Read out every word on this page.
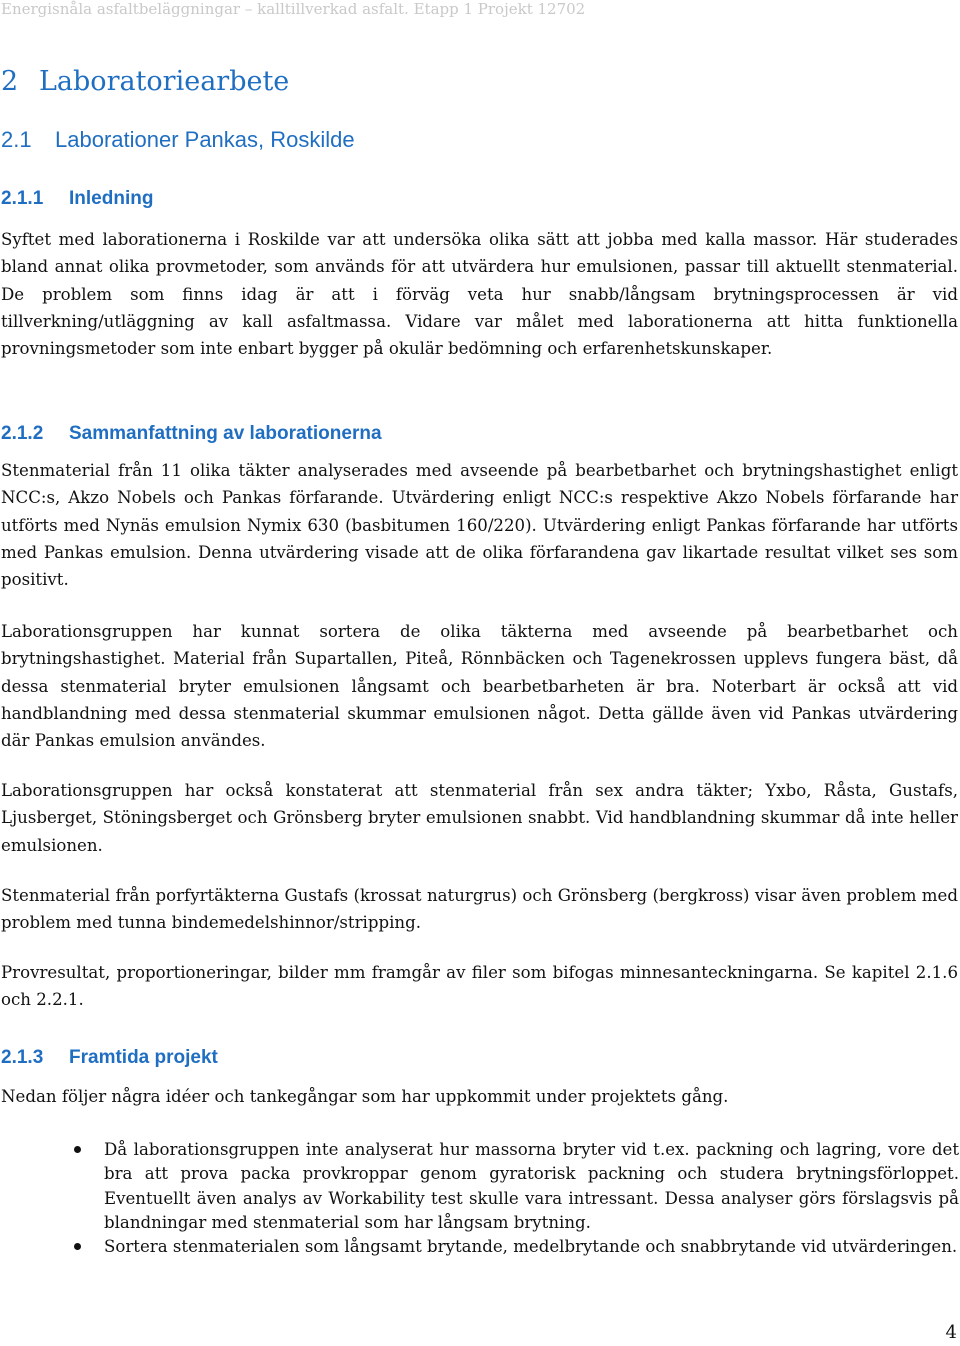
Energisnåla asfaltbeläggningar – kalltillverkad asfalt. Etapp 1 Projekt 12702
2 Laboratoriearbete
2.1 Laborationer Pankas, Roskilde
2.1.1 Inledning

Syftet med laborationerna i Roskilde var att undersöka olika sätt att jobba med kalla massor. Här studerades bland annat olika provmetoder, som används för att utvärdera hur emulsionen, passar till aktuellt stenmaterial. De problem som finns idag är att i förväg veta hur snabb/långsam brytningsprocessen är vid tillverkning/utläggning av kall asfaltmassa. Vidare var målet med laborationerna att hitta funktionella provningsmetoder som inte enbart bygger på okulär bedömning och erfarenhetskunskaper.

2.1.2 Sammanfattning av laborationerna

Stenmaterial från 11 olika täkter analyserades med avseende på bearbetbarhet och brytningshastighet enligt NCC:s, Akzo Nobels och Pankas förfarande. Utvärdering enligt NCC:s respektive Akzo Nobels förfarande har utförts med Nynäs emulsion Nymix 630 (basbitumen 160/220). Utvärdering enligt Pankas förfarande har utförts med Pankas emulsion. Denna utvärdering visade att de olika förfarandena gav likartade resultat vilket ses som positivt.

Laborationsgruppen har kunnat sortera de olika täkterna med avseende på bearbetbarhet och brytningshastighet. Material från Supartallen, Piteå, Rönnbäcken och Tagenekrossen upplevs fungera bäst, då dessa stenmaterial bryter emulsionen långsamt och bearbetbarheten är bra. Noterbart är också att vid handblandning med dessa stenmaterial skummar emulsionen något. Detta gällde även vid Pankas utvärdering där Pankas emulsion användes.

Laborationsgruppen har också konstaterat att stenmaterial från sex andra täkter; Yxbo, Råsta, Gustafs, Ljusberget, Stöningsberget och Grönsberg bryter emulsionen snabbt. Vid handblandning skummar då inte heller emulsionen.

Stenmaterial från porfyrtäkterna Gustafs (krossat naturgrus) och Grönsberg (bergkross) visar även problem med problem med tunna bindemedelshinnor/stripping.

Provresultat, proportioneringar, bilder mm framgår av filer som bifogas minnesanteckningarna. Se kapitel 2.1.6 och 2.2.1.

2.1.3 Framtida projekt

Nedan följer några idéer och tankegångar som har uppkommit under projektets gång.

Då laborationsgruppen inte analyserat hur massorna bryter vid t.ex. packning och lagring, vore det bra att prova packa provkroppar genom gyratorisk packning och studera brytningsförloppet. Eventuellt även analys av Workability test skulle vara intressant. Dessa analyser görs förslagsvis på blandningar med stenmaterial som har långsam brytning.
Sortera stenmaterialen som långsamt brytande, medelbrytande och snabbrytande vid utvärderingen.
4
